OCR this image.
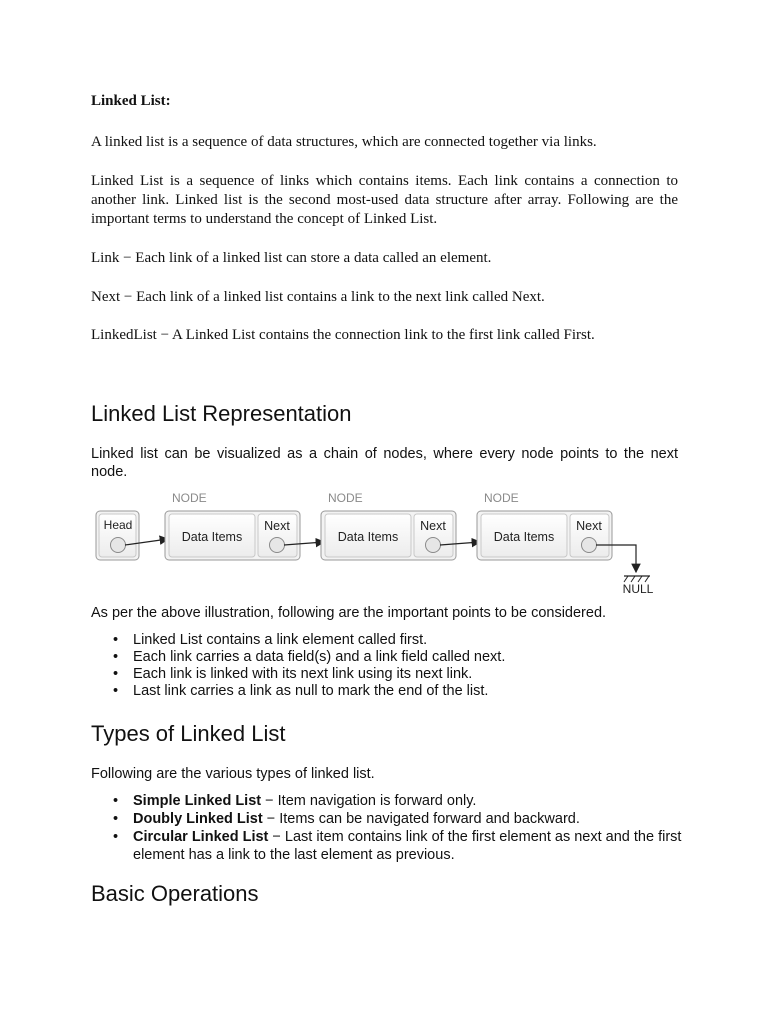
Linked List:

A linked list is a sequence of data structures, which are connected together via links.

Linked List is a sequence of links which contains items. Each link contains a connection to another link. Linked list is the second most-used data structure after array. Following are the important terms to understand the concept of Linked List.

Link − Each link of a linked list can store a data called an element.

Next − Each link of a linked list contains a link to the next link called Next.

LinkedList − A Linked List contains the connection link to the first link called First.

Linked List Representation

Linked list can be visualized as a chain of nodes, where every node points to the next node.

Head
NODE
Data Items
Next
NODE
Data Items
Next
NODE
Data Items
Next
NULL

As per the above illustration, following are the important points to be considered.

• Linked List contains a link element called first.
• Each link carries a data field(s) and a link field called next.
• Each link is linked with its next link using its next link.
• Last link carries a link as null to mark the end of the list.
Types of Linked List

Following are the various types of linked list.

• Simple Linked List − Item navigation is forward only.
• Doubly Linked List − Items can be navigated forward and backward.
• Circular Linked List − Last item contains link of the first element as next and the first element has a link to the last element as previous.
Basic Operations
